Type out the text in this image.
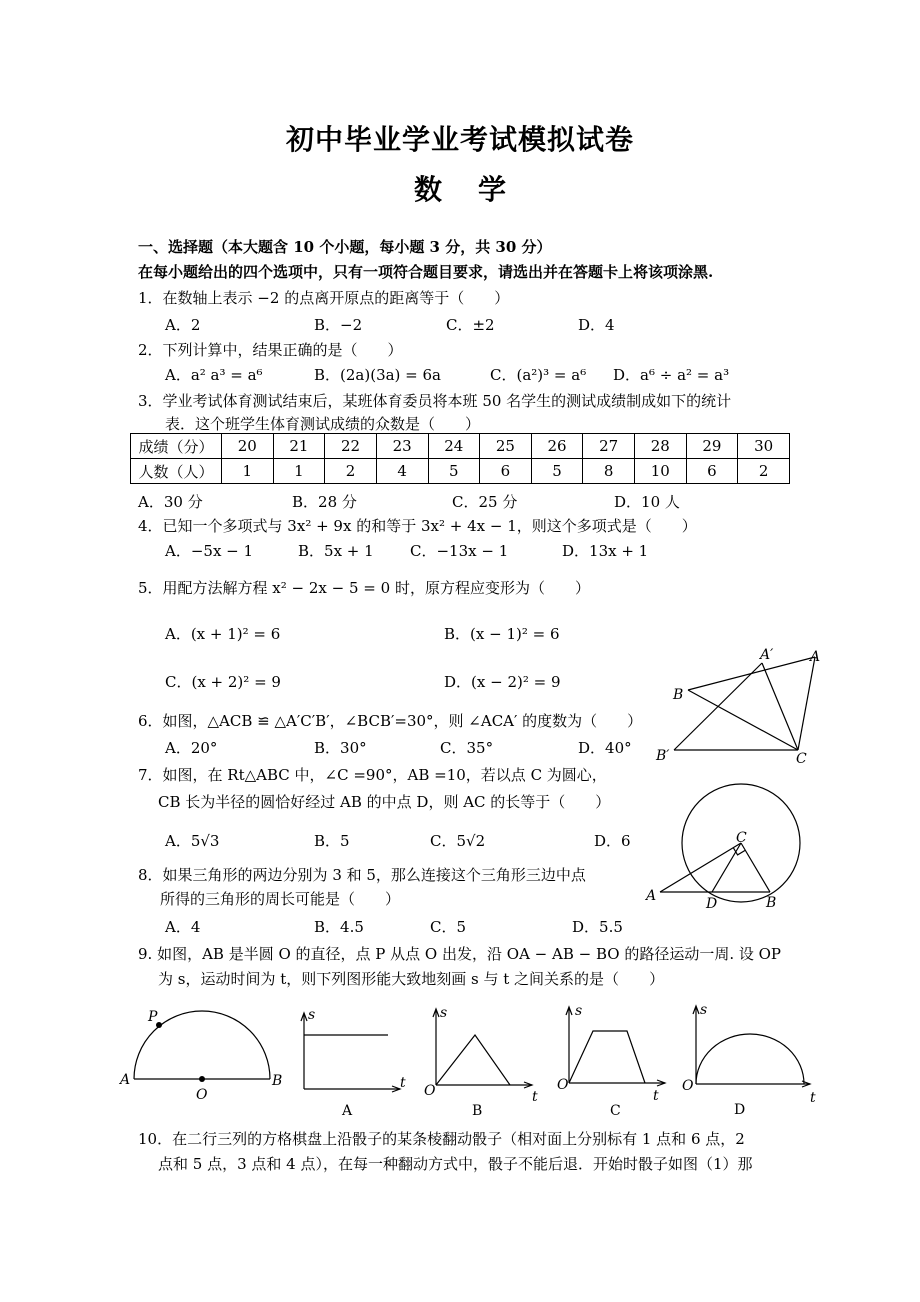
初中毕业学业考试模拟试卷
数 学
一、选择题（本大题含 10 个小题，每小题 3 分，共 30 分）
在每小题给出的四个选项中，只有一项符合题目要求，请选出并在答题卡上将该项涂黑.
1．在数轴上表示 −2 的点离开原点的距离等于（　　）
A．2	B．−2	C．±2	D．4
2．下列计算中，结果正确的是（　　）
A．a² a³ = a⁶	B．(2a)(3a) = 6a	C．(a²)³ = a⁶ D．a⁶ ÷ a² = a³
3．学业考试体育测试结束后，某班体育委员将本班 50 名学生的测试成绩制成如下的统计
表．这个班学生体育测试成绩的众数是（　　）
成绩（分）	20	21	22	23	24	25	26	27	28	29	30
人数（人）	1	1	2	4	5	6	5	8	10	6	2
A．30 分	B．28 分	C．25 分	D．10 人
4．已知一个多项式与 3x² + 9x 的和等于 3x² + 4x − 1，则这个多项式是（　　）
A．−5x − 1	B．5x + 1 C．−13x − 1	D．13x + 1
5．用配方法解方程 x² − 2x − 5 = 0 时，原方程应变形为（　　）
A．(x + 1)² = 6	B．(x − 1)² = 6
C．(x + 2)² = 9	D．(x − 2)² = 9
6．如图，△ACB ≌ △A′C′B′，∠BCB′=30°，则 ∠ACA′ 的度数为（　　）
A．20°	B．30°	C．35°	D．40°
A′	A
B
B′	C
7．如图，在 Rt△ABC 中，∠C =90°，AB =10，若以点 C 为圆心，
CB 长为半径的圆恰好经过 AB 的中点 D，则 AC 的长等于（　　）
A．5√3	B．5	C．5√2	D．6	C
A	D	B
8．如果三角形的两边分别为 3 和 5，那么连接这个三角形三边中点
所得的三角形的周长可能是（　　）
A．4	B．4.5	C．5	D．5.5
9. 如图，AB 是半圆 O 的直径，点 P 从点 O 出发，沿 OA − AB − BO 的路径运动一周. 设 OP
为 s，运动时间为 t，则下列图形能大致地刻画 s 与 t 之间关系的是（　　）
P
A	B
O
s
t
A
s
O	t
B
s
O
t
C
s
O
t
D
10．在二行三列的方格棋盘上沿骰子的某条棱翻动骰子（相对面上分别标有 1 点和 6 点，2
点和 5 点，3 点和 4 点），在每一种翻动方式中，骰子不能后退．开始时骰子如图（1）那
